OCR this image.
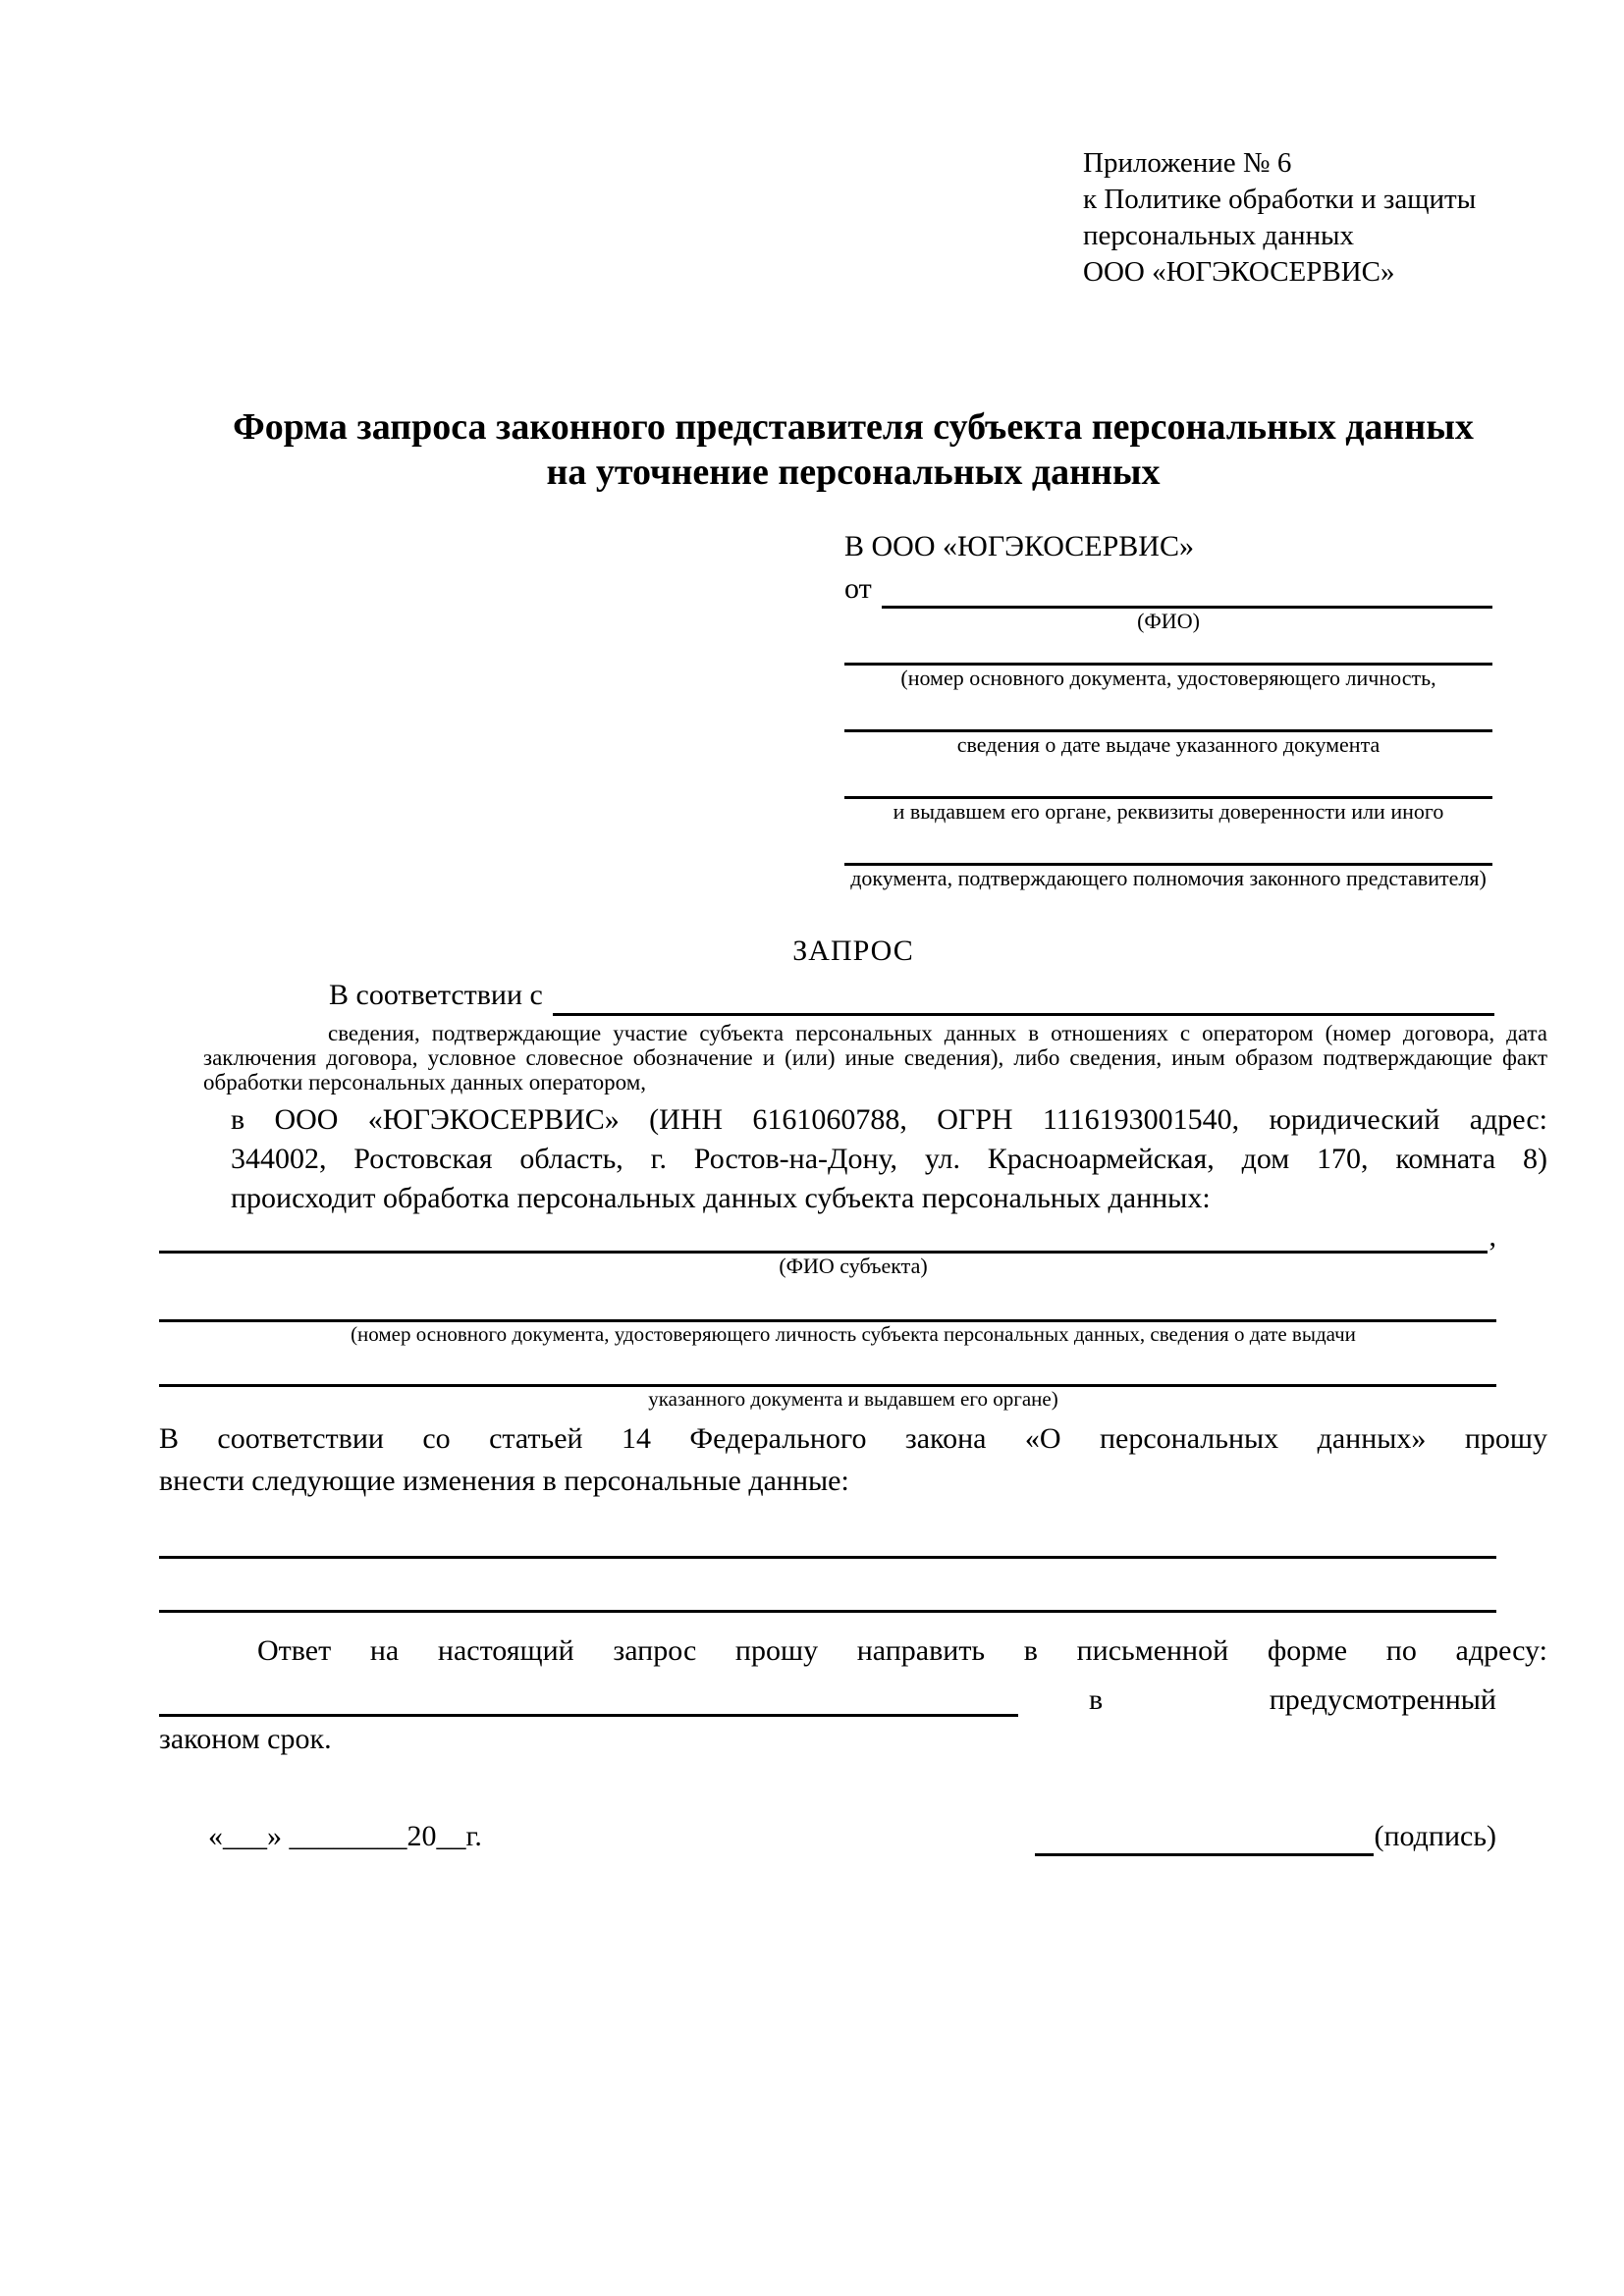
Приложение № 6
к Политике обработки и защиты
персональных данных
ООО «ЮГЭКОСЕРВИС»
Форма запроса законного представителя субъекта персональных данных
на уточнение персональных данных
В ООО «ЮГЭКОСЕРВИС»
от
(ФИО)
(номер основного документа, удостоверяющего личность,
сведения о дате выдаче указанного документа
и выдавшем его органе, реквизиты доверенности или иного
документа, подтверждающего полномочия законного представителя)
ЗАПРОС
В соответствии с
сведения, подтверждающие участие субъекта персональных данных в отношениях с оператором (номер договора, дата
заключения договора, условное словесное обозначение и (или) иные сведения), либо сведения, иным образом подтверждающие факт
обработки персональных данных оператором,
в ООО «ЮГЭКОСЕРВИС» (ИНН 6161060788, ОГРН 1116193001540, юридический адрес:
344002, Ростовская область, г. Ростов-на-Дону, ул. Красноармейская, дом 170, комната 8)
происходит обработка персональных данных субъекта персональных данных:
,
(ФИО субъекта)
(номер основного документа, удостоверяющего личность субъекта персональных данных, сведения о дате выдачи
указанного документа и выдавшем его органе)
В соответствии со статьей 14 Федерального закона «О персональных данных» прошу
внести следующие изменения в персональные данные:
Ответ на настоящий запрос прошу направить в письменной форме по адресу:
в	предусмотренный
законом срок.
«___» ________20__г.	(подпись)
